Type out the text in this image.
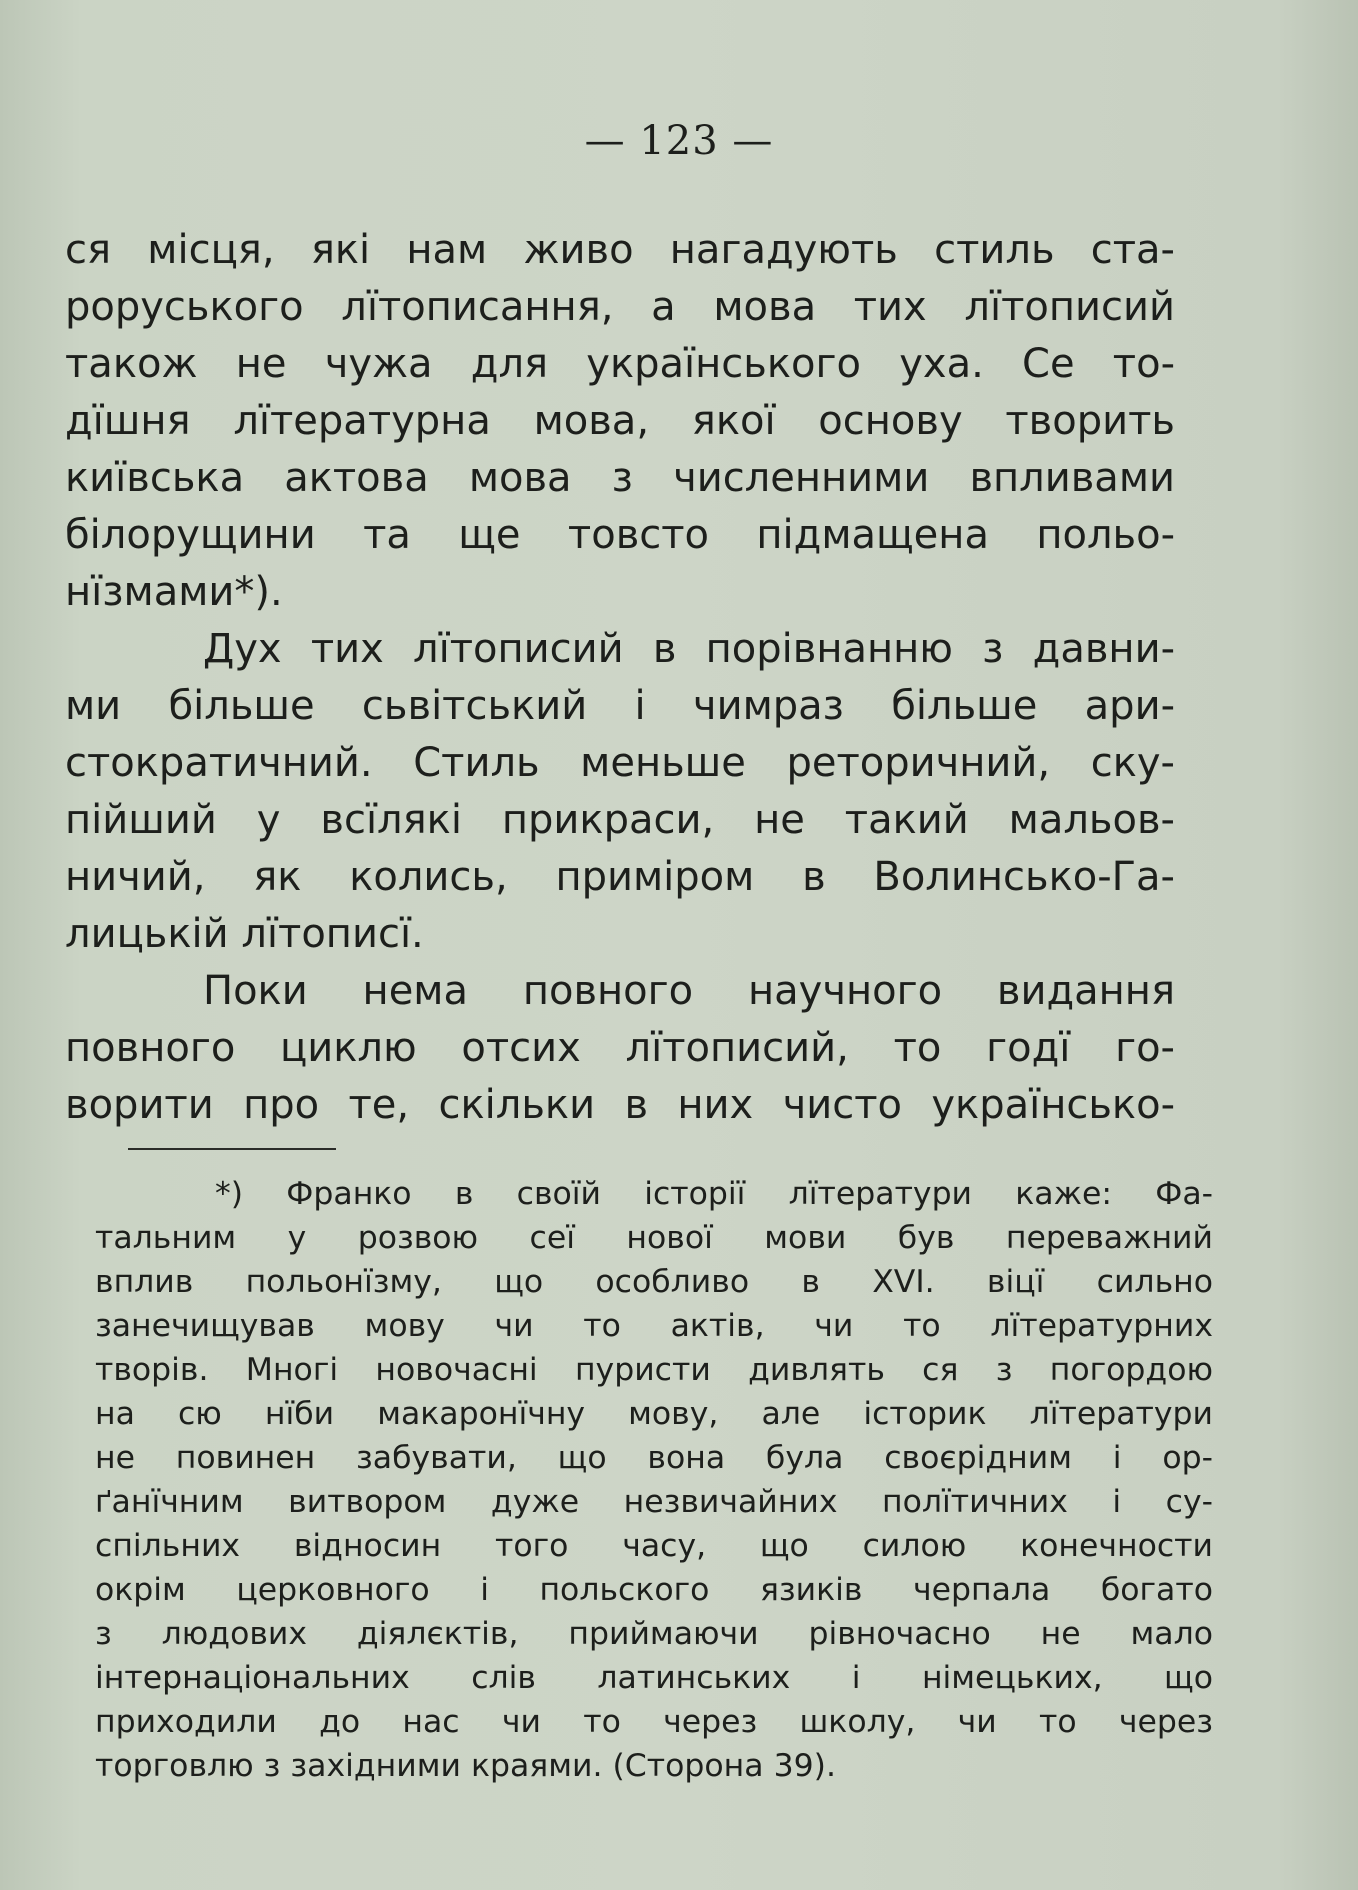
— 123 —
ся місця, які нам живо нагадують стиль ста-
роруського лїтописання, а мова тих лїтописий
також не чужа для українського уха. Се то-
дїшня лїтературна мова, якої основу творить
київська актова мова з численними впливами
білорущини та ще товсто підмащена польо-
нїзмами*).
Дух тих лїтописий в порівнанню з давни-
ми більше сьвітський і чимраз більше ари-
стократичний. Стиль меньше реторичний, ску-
пійший у всїлякі прикраси, не такий мальов-
ничий, як колись, приміром в Волинсько-Га-
лицькій лїтописї.
Поки нема повного научного видання
повного циклю отсих лїтописий, то годї го-
ворити про те, скільки в них чисто українсько-
*) Франко в своїй історії лїтератури каже: Фа-
тальним у розвою сеї нової мови був переважний
вплив польонїзму, що особливо в XVI. віцї сильно
занечищував мову чи то актів, чи то лїтературних
творів. Многі новочасні пуристи дивлять ся з погордою
на сю нїби макаронїчну мову, але історик лїтератури
не повинен забувати, що вона була своєрідним і ор-
ґанїчним витвором дуже незвичайних полїтичних і су-
спільних відносин того часу, що силою конечности
окрім церковного і польского язиків черпала богато
з людових діялєктів, приймаючи рівночасно не мало
інтернаціональних слів латинських і німецьких, що
приходили до нас чи то через школу, чи то через
торговлю з західними краями. (Сторона 39).
